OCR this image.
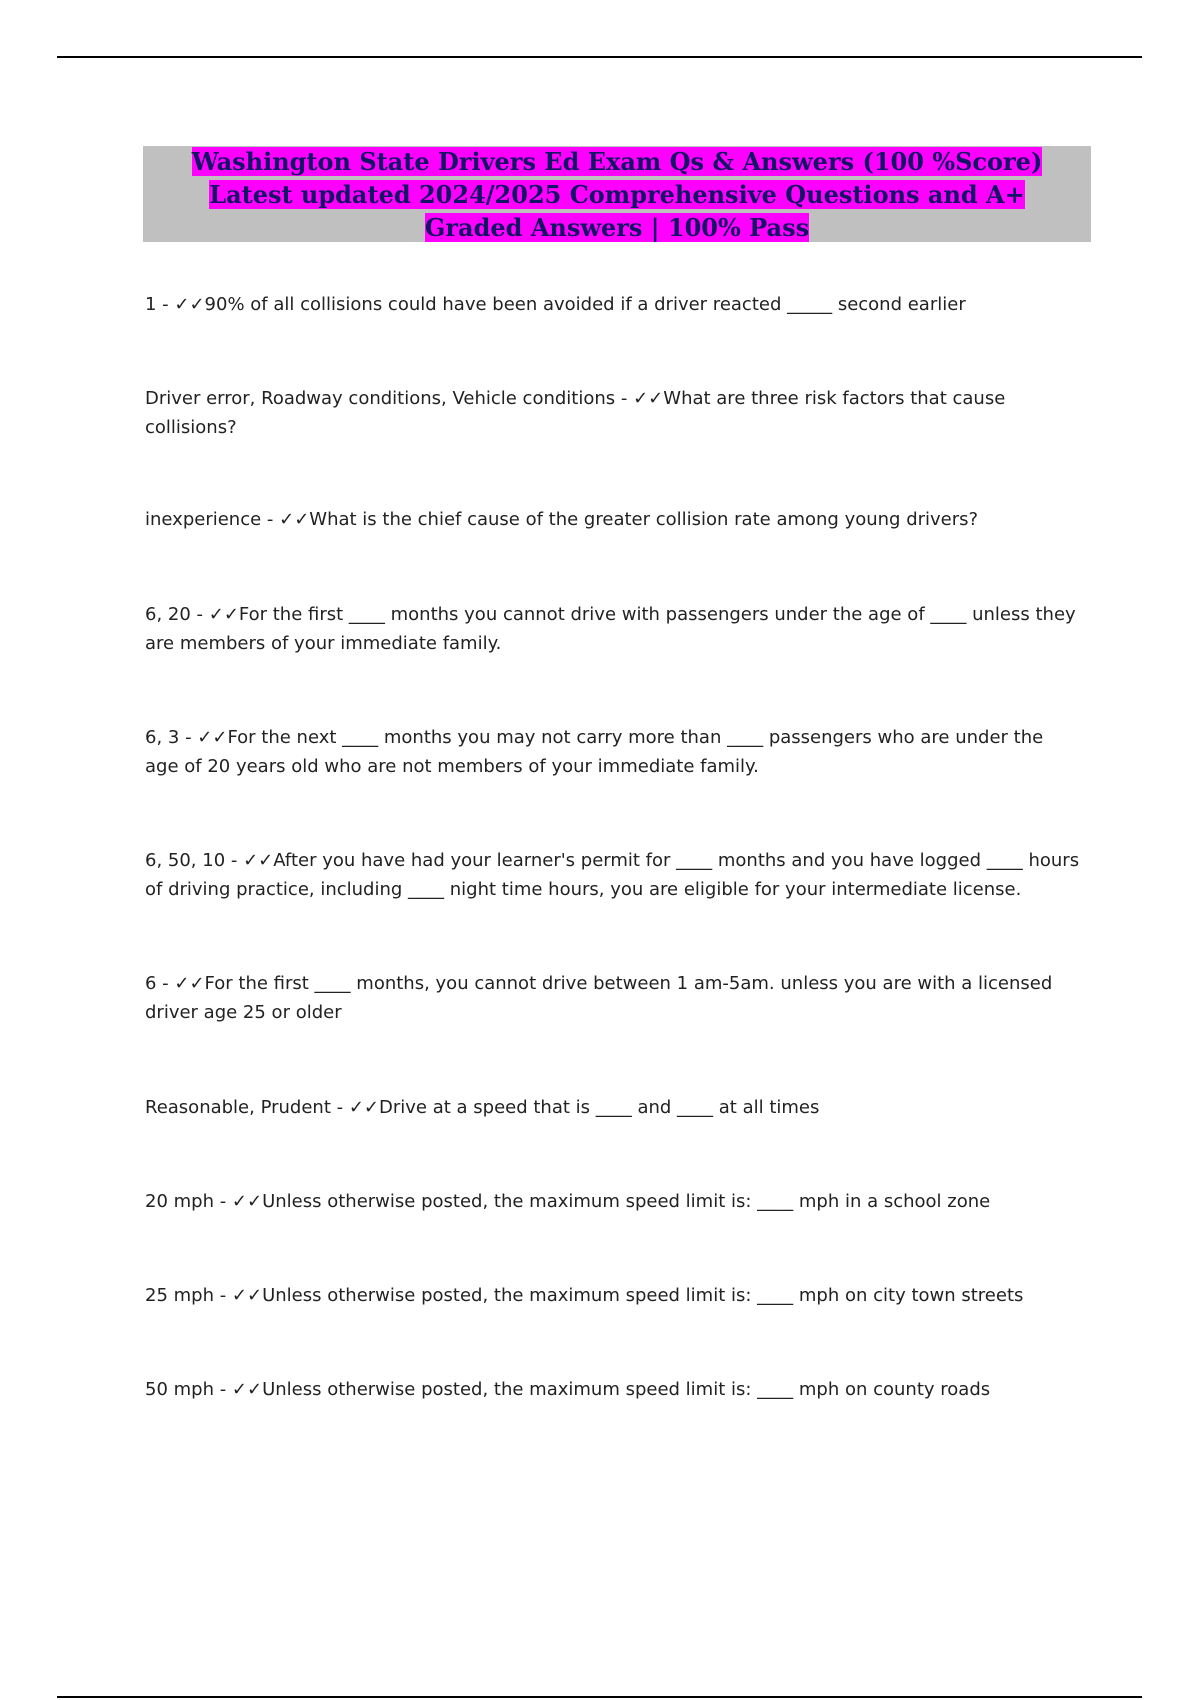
Washington State Drivers Ed Exam Qs & Answers (100 %Score) Latest updated 2024/2025 Comprehensive Questions and A+ Graded Answers | 100% Pass

1 - ✓✓90% of all collisions could have been avoided if a driver reacted _____ second earlier

Driver error, Roadway conditions, Vehicle conditions - ✓✓What are three risk factors that cause collisions?

inexperience - ✓✓What is the chief cause of the greater collision rate among young drivers?

6, 20 - ✓✓For the first ____ months you cannot drive with passengers under the age of ____ unless they are members of your immediate family.

6, 3 - ✓✓For the next ____ months you may not carry more than ____ passengers who are under the age of 20 years old who are not members of your immediate family.

6, 50, 10 - ✓✓After you have had your learner's permit for ____ months and you have logged ____ hours of driving practice, including ____ night time hours, you are eligible for your intermediate license.

6 - ✓✓For the first ____ months, you cannot drive between 1 am-5am. unless you are with a licensed driver age 25 or older

Reasonable, Prudent - ✓✓Drive at a speed that is ____ and ____ at all times

20 mph - ✓✓Unless otherwise posted, the maximum speed limit is: ____ mph in a school zone

25 mph - ✓✓Unless otherwise posted, the maximum speed limit is: ____ mph on city town streets

50 mph - ✓✓Unless otherwise posted, the maximum speed limit is: ____ mph on county roads
